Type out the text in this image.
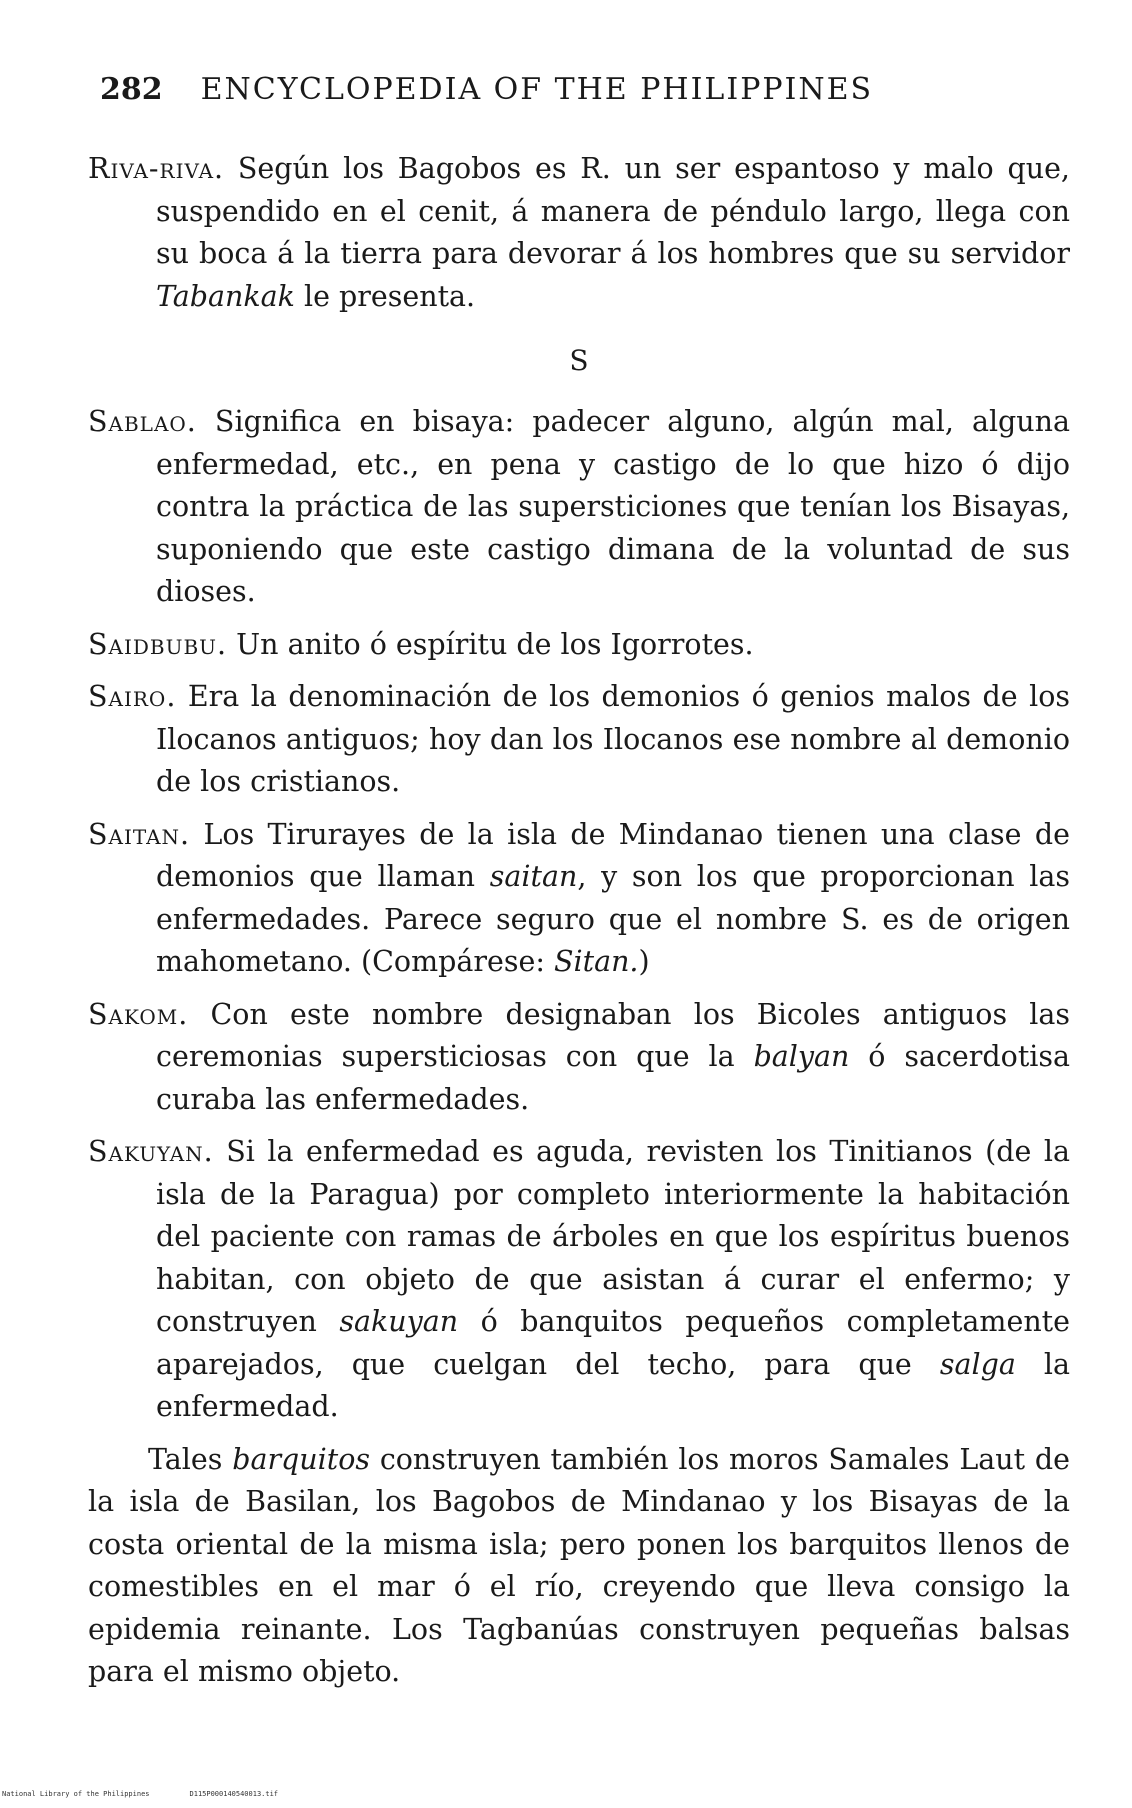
282 ENCYCLOPEDIA OF THE PHILIPPINES

Riva-riva. Según los Bagobos es R. un ser espantoso y malo que, suspendido en el cenit, á manera de péndulo largo, llega con su boca á la tierra para devorar á los hombres que su servidor Tabankak le presenta.

S

Sablao. Significa en bisaya: padecer alguno, algún mal, alguna enfermedad, etc., en pena y castigo de lo que hizo ó dijo contra la práctica de las supersticiones que tenían los Bisayas, suponiendo que este castigo dimana de la voluntad de sus dioses.

Saidbubu. Un anito ó espíritu de los Igorrotes.

Sairo. Era la denominación de los demonios ó genios malos de los Ilocanos antiguos; hoy dan los Ilocanos ese nombre al demonio de los cristianos.

Saitan. Los Tirurayes de la isla de Mindanao tienen una clase de demonios que llaman saitan, y son los que proporcionan las enfermedades. Parece seguro que el nombre S. es de origen mahometano. (Compárese: Sitan.)

Sakom. Con este nombre designaban los Bicoles antiguos las ceremonias supersticiosas con que la balyan ó sacerdotisa curaba las enfermedades.

Sakuyan. Si la enfermedad es aguda, revisten los Tinitianos (de la isla de la Paragua) por completo interiormente la habitación del paciente con ramas de árboles en que los espíritus buenos habitan, con objeto de que asistan á curar el enfermo; y construyen sakuyan ó banquitos pequeños completamente aparejados, que cuelgan del techo, para que salga la enfermedad.

Tales barquitos construyen también los moros Samales Laut de la isla de Basilan, los Bagobos de Mindanao y los Bisayas de la costa oriental de la misma isla; pero ponen los barquitos llenos de comestibles en el mar ó el río, creyendo que lleva consigo la epidemia reinante. Los Tagbanúas construyen pequeñas balsas para el mismo objeto.

National Library of the Philippines	D115P000140540013.tif
